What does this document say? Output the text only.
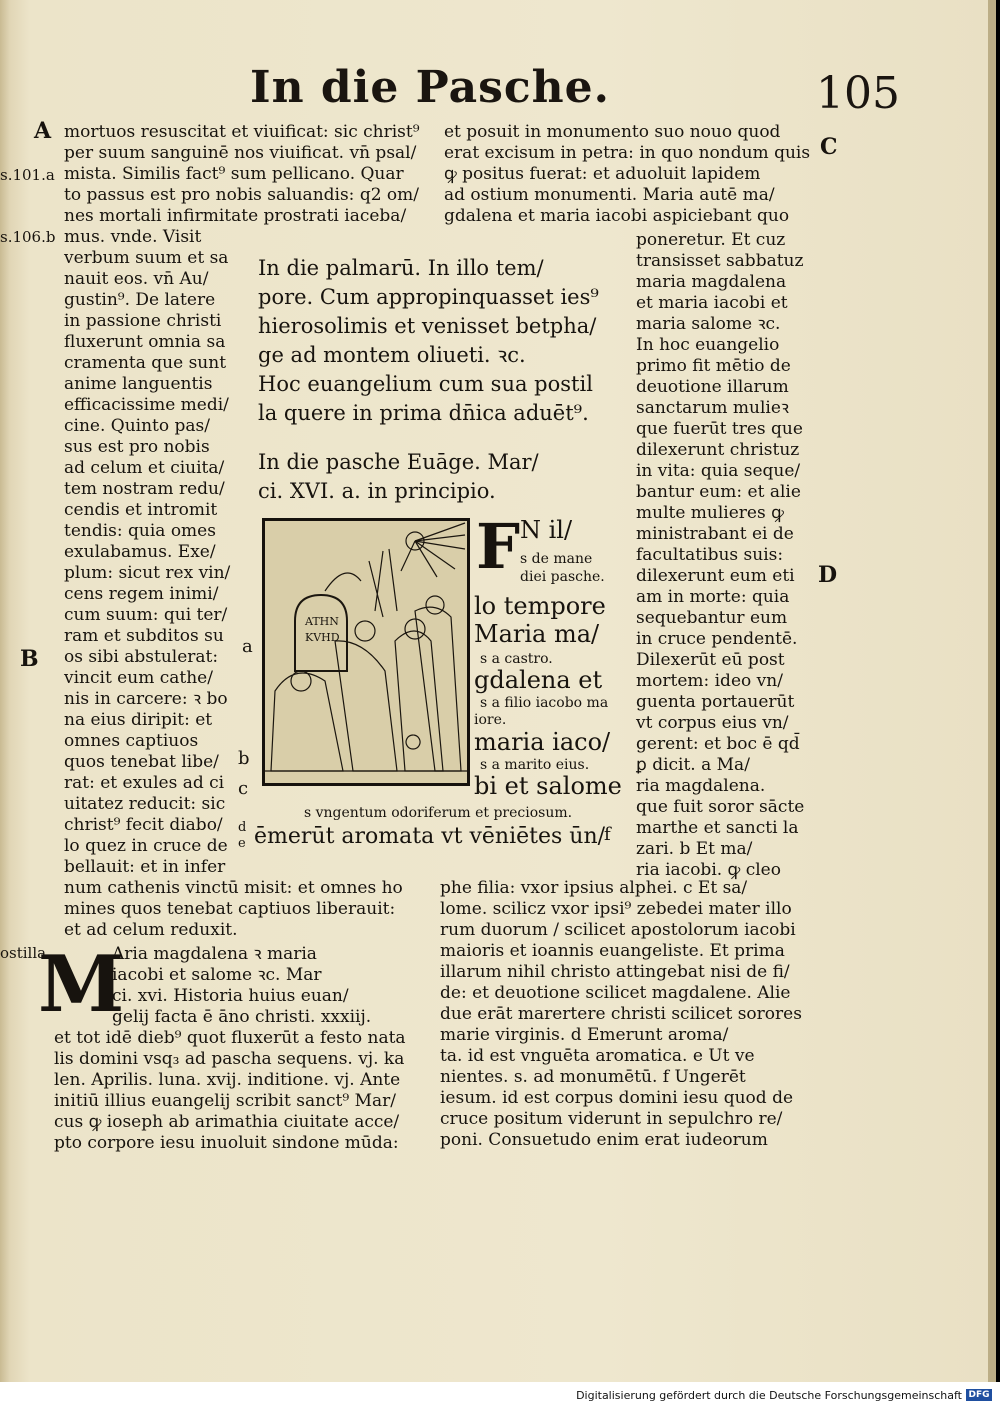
In die Pasche.	105
A
B
C
D
s.101.a
s.106.b
ostilla
mortuos resuscitat et viuificat: sic christ⁹
per suum sanguinē nos viuificat. vn̄ psal/
mista. Similis fact⁹ sum pellicano. Quar
to passus est pro nobis saluandis: q2 om/
nes mortali infirmitate prostrati iaceba/
mus. vnde. Visit
verbum suum et sa
nauit eos. vn̄ Au/
gustin⁹. De latere
in passione christi
fluxerunt omnia sa
cramenta que sunt
anime languentis
efficacissime medi/
cine. Quinto pas/
sus est pro nobis
ad celum et ciuita/
tem nostram redu/
cendis et intromit
tendis: quia omes
exulabamus. Exe/
plum: sicut rex vin/
cens regem inimi/
cum suum: qui ter/
ram et subditos su
os sibi abstulerat:
vincit eum cathe/
nis in carcere: ꝛ bo
na eius diripit: et
omnes captiuos
quos tenebat libe/
rat: et exules ad ci
uitatez reducit: sic
christ⁹ fecit diabo/
lo quez in cruce de
bellauit: et in infer
num cathenis vinctū misit: et omnes ho
mines quos tenebat captiuos liberauit:
et ad celum reduxit.
a
b
c
d
e	f
M
Aria magdalena ꝛ maria
iacobi et salome ꝛc. Mar
ci. xvi. Historia huius euan/
gelij facta ē āno christi. xxxiij.
et tot idē dieb⁹ quot fluxerūt a festo nata
lis domini vsq₃ ad pascha sequens. vj. ka
len. Aprilis. luna. xvij. inditione. vj. Ante
initiū illius euangelij scribit sanct⁹ Mar/
cus ꝙ ioseph ab arimathia ciuitate acce/
pto corpore iesu inuoluit sindone mūda:
et posuit in monumento suo nouo quod
erat excisum in petra: in quo nondum quis
ꝙ positus fuerat: et aduoluit lapidem
ad ostium monumenti. Maria autē ma/
gdalena et maria iacobi aspiciebant quo
In die palmarū. In illo tem/
pore. Cum appropinquasset ies⁹
hierosolimis et venisset betpha/
ge ad montem oliueti. ꝛc.
Hoc euangelium cum sua postil
la quere in prima dn̄ica aduēt⁹.
In die pasche Euāge. Mar/
ci. XVI. a. in principio.
ATHN
KVHD
F N il/
s de mane
diei pasche.
lo tempore
Maria ma/
s a castro.
gdalena et
s a filio iacobo ma
iore.
maria iaco/
s a marito eius.
bi et salome
s vngentum odoriferum et preciosum.
ēmerūt aromata vt vēniētes ūn/
poneretur. Et cuz
transisset sabbatuz
maria magdalena
et maria iacobi et
maria salome ꝛc.
In hoc euangelio
primo fit mētio de
deuotione illarum
sanctarum mulieꝛ
que fuerūt tres que
dilexerunt christuz
in vita: quia seque/
bantur eum: et alie
multe mulieres ꝙ
ministrabant ei de
facultatibus suis:
dilexerunt eum eti
am in morte: quia
sequebantur eum
in cruce pendentē.
Dilexerūt eū post
mortem: ideo vn/
guenta portauerūt
vt corpus eius vn/
gerent: et boc ē qd̄
ꝑ dicit. a Ma/
ria magdalena.
que fuit soror sācte
marthe et sancti la
zari. b Et ma/
ria iacobi. ꝙ cleo
phe filia: vxor ipsius alphei. c Et sa/
lome. scilicz vxor ipsi⁹ zebedei mater illo
rum duorum / scilicet apostolorum iacobi
maioris et ioannis euangeliste. Et prima
illarum nihil christo attingebat nisi de fi/
de: et deuotione scilicet magdalene. Alie
due erāt marertere christi scilicet sorores
marie virginis. d Emerunt aroma/
ta. id est vnguēta aromatica. e Ut ve
nientes. s. ad monumētū. f Ungerēt
iesum. id est corpus domini iesu quod de
cruce positum viderunt in sepulchro re/
poni. Consuetudo enim erat iudeorum
Digitalisierung gefördert durch die Deutsche Forschungsgemeinschaft DFG
